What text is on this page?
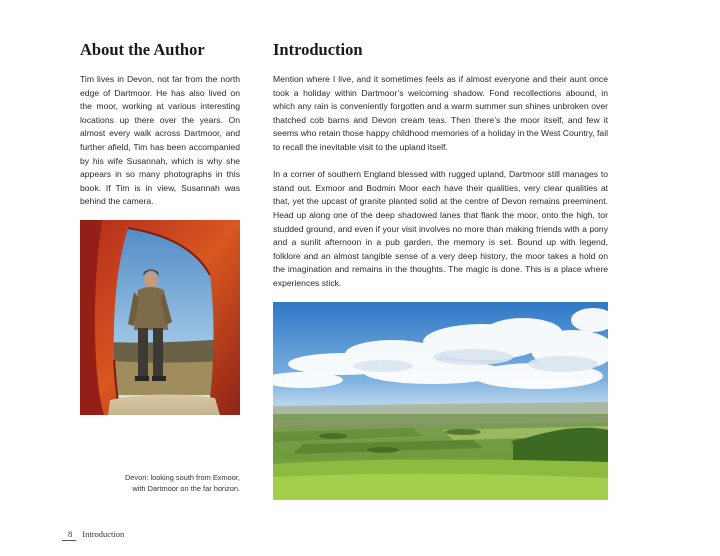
About the Author	Introduction

Tim lives in Devon, not far from the north edge of Dartmoor. He has also lived on the moor, working at various interesting locations up there over the years. On almost every walk across Dartmoor, and further afield, Tim has been accompanied by his wife Susannah, which is why she appears in so many photographs in this book. If Tim is in view, Susannah was behind the camera.

Mention where I live, and it sometimes feels as if almost everyone and their aunt once took a holiday within Dartmoor’s welcoming shadow. Fond recollections abound, in which any rain is conveniently forgotten and a warm summer sun shines unbroken over thatched cob barns and Devon cream teas. Then there’s the moor itself, and few it seems who retain those happy childhood memories of a holiday in the West Country, fail to recall the inevitable visit to the upland itself.

In a corner of southern England blessed with rugged upland, Dartmoor still manages to stand out. Exmoor and Bodmin Moor each have their qualities, very clear qualities at that, yet the upcast of granite planted solid at the centre of Devon remains preeminent. Head up along one of the deep shadowed lanes that flank the moor, onto the high, tor studded ground, and even if your visit involves no more than making friends with a pony and a sunlit afternoon in a pub garden, the memory is set. Bound up with legend, folklore and an almost tangible sense of a very deep history, the moor takes a hold on the imagination and remains in the thoughts. The magic is done. This is a place where experiences stick.

Devon: looking south from Exmoor,
with Dartmoor on the far horizon.
8 Introduction
